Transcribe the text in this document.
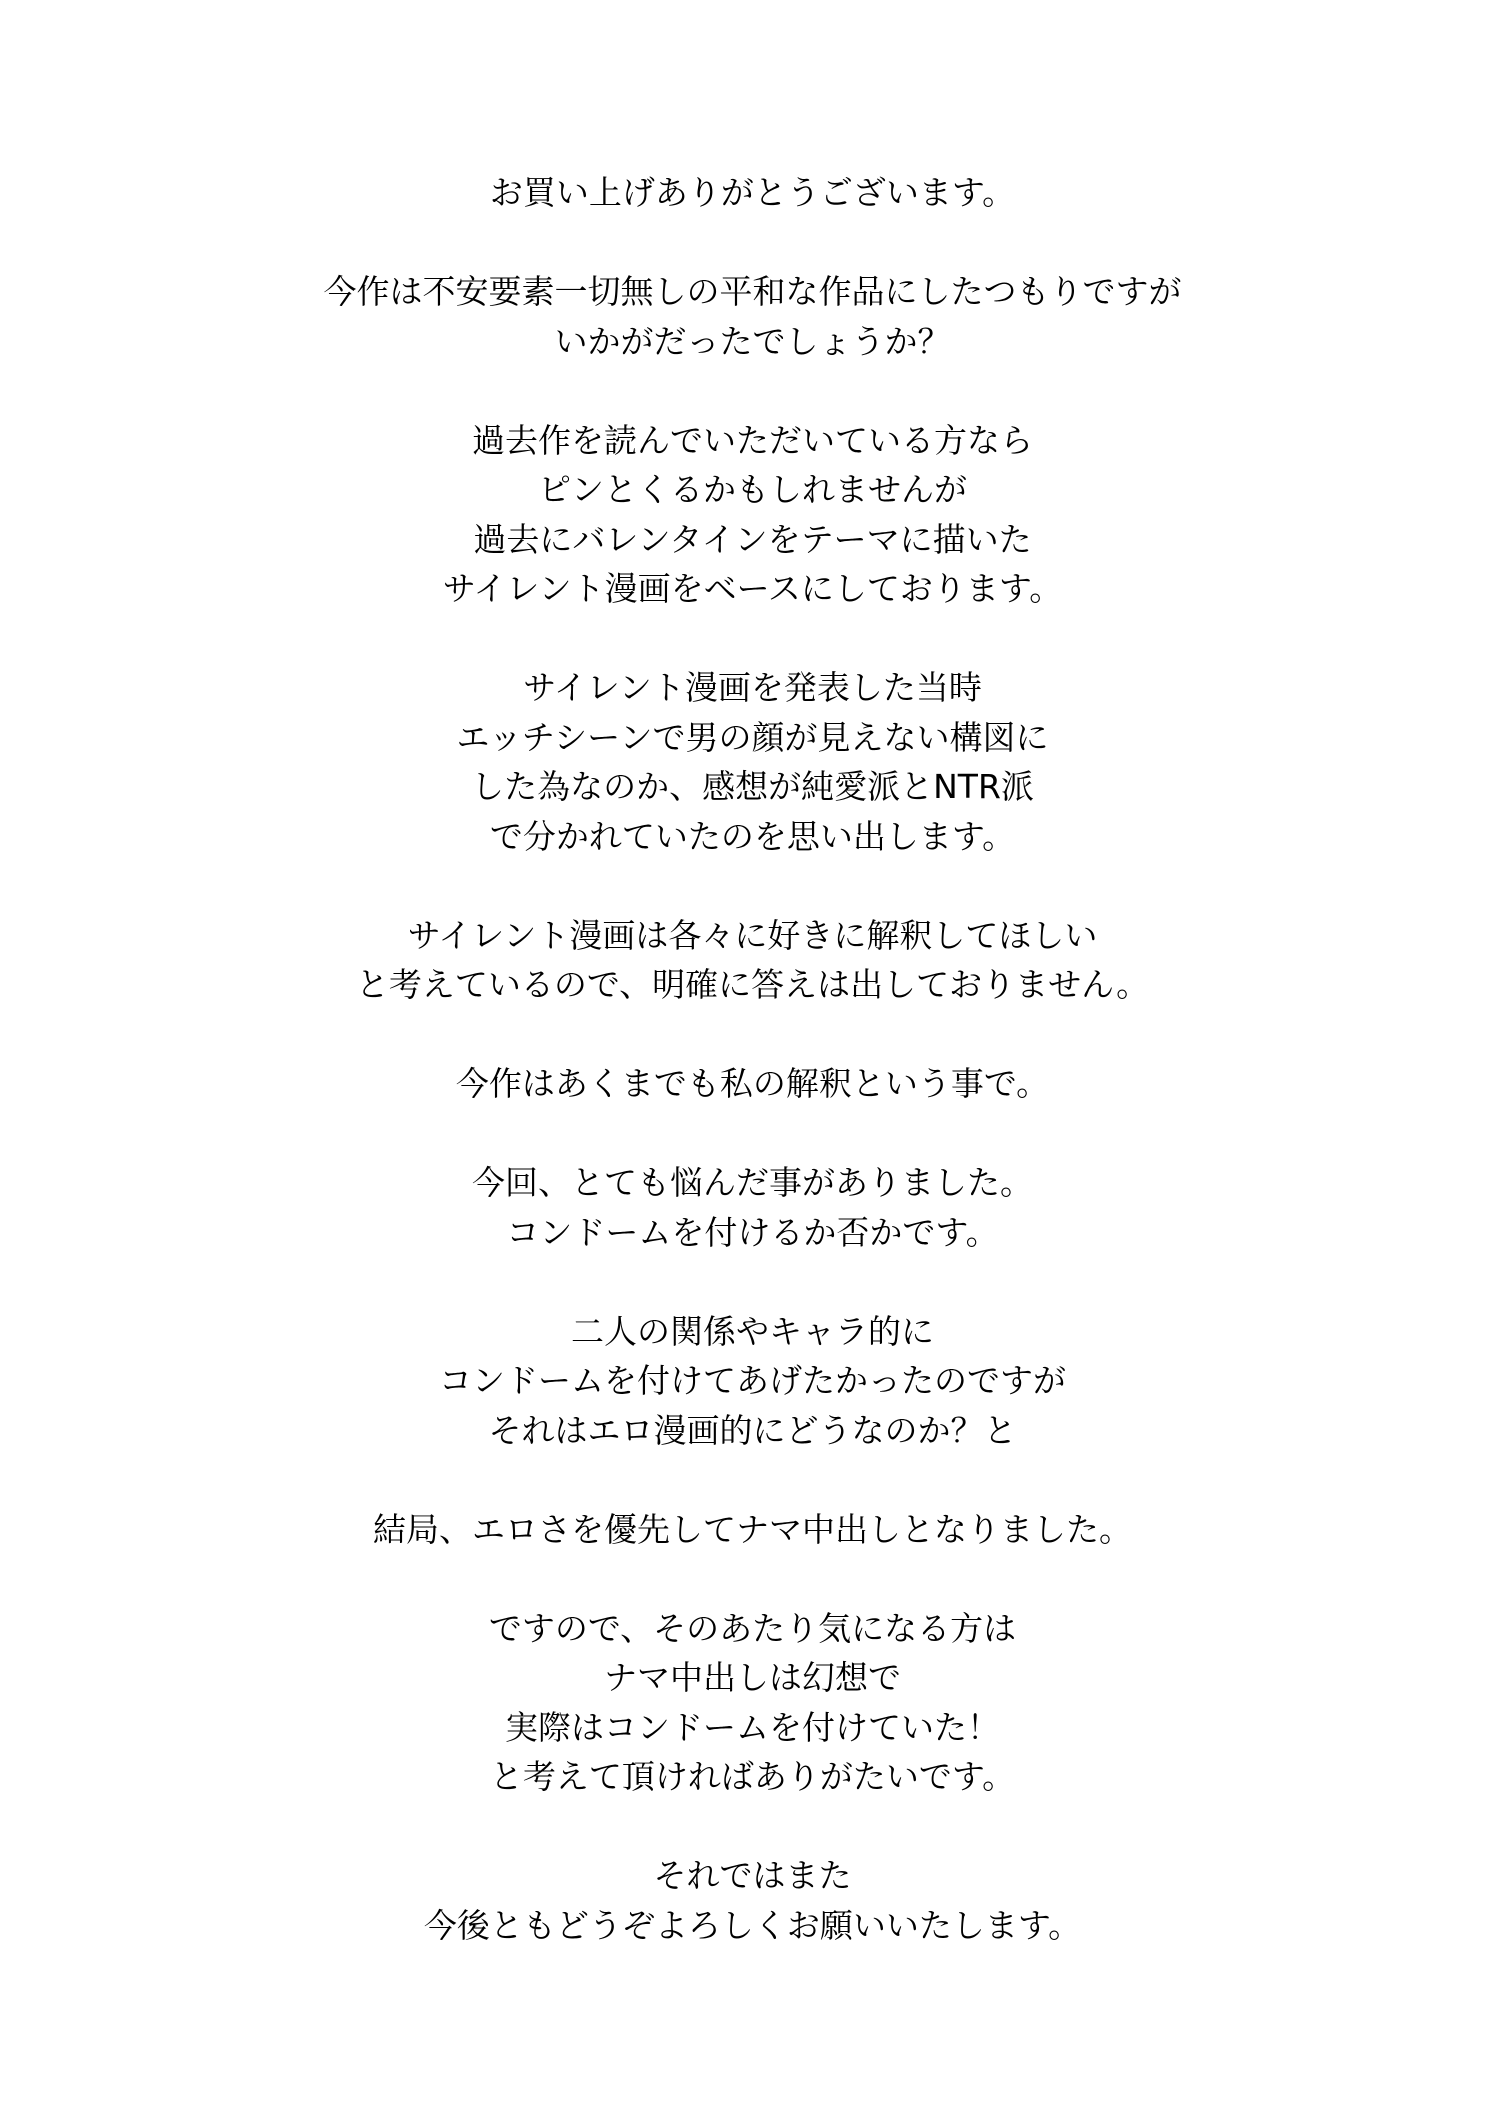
お買い上げありがとうございます。

今作は不安要素一切無しの平和な作品にしたつもりですが
いかがだったでしょうか？

過去作を読んでいただいている方なら
ピンとくるかもしれませんが
過去にバレンタインをテーマに描いた
サイレント漫画をベースにしております。

サイレント漫画を発表した当時
エッチシーンで男の顔が見えない構図に
した為なのか、感想が純愛派とNTR派
で分かれていたのを思い出します。

サイレント漫画は各々に好きに解釈してほしい
と考えているので、明確に答えは出しておりません。

今作はあくまでも私の解釈という事で。

今回、とても悩んだ事がありました。
コンドームを付けるか否かです。

二人の関係やキャラ的に
コンドームを付けてあげたかったのですが
それはエロ漫画的にどうなのか？と

結局、エロさを優先してナマ中出しとなりました。

ですので、そのあたり気になる方は
ナマ中出しは幻想で
実際はコンドームを付けていた！
と考えて頂ければありがたいです。

それではまた
今後ともどうぞよろしくお願いいたします。
